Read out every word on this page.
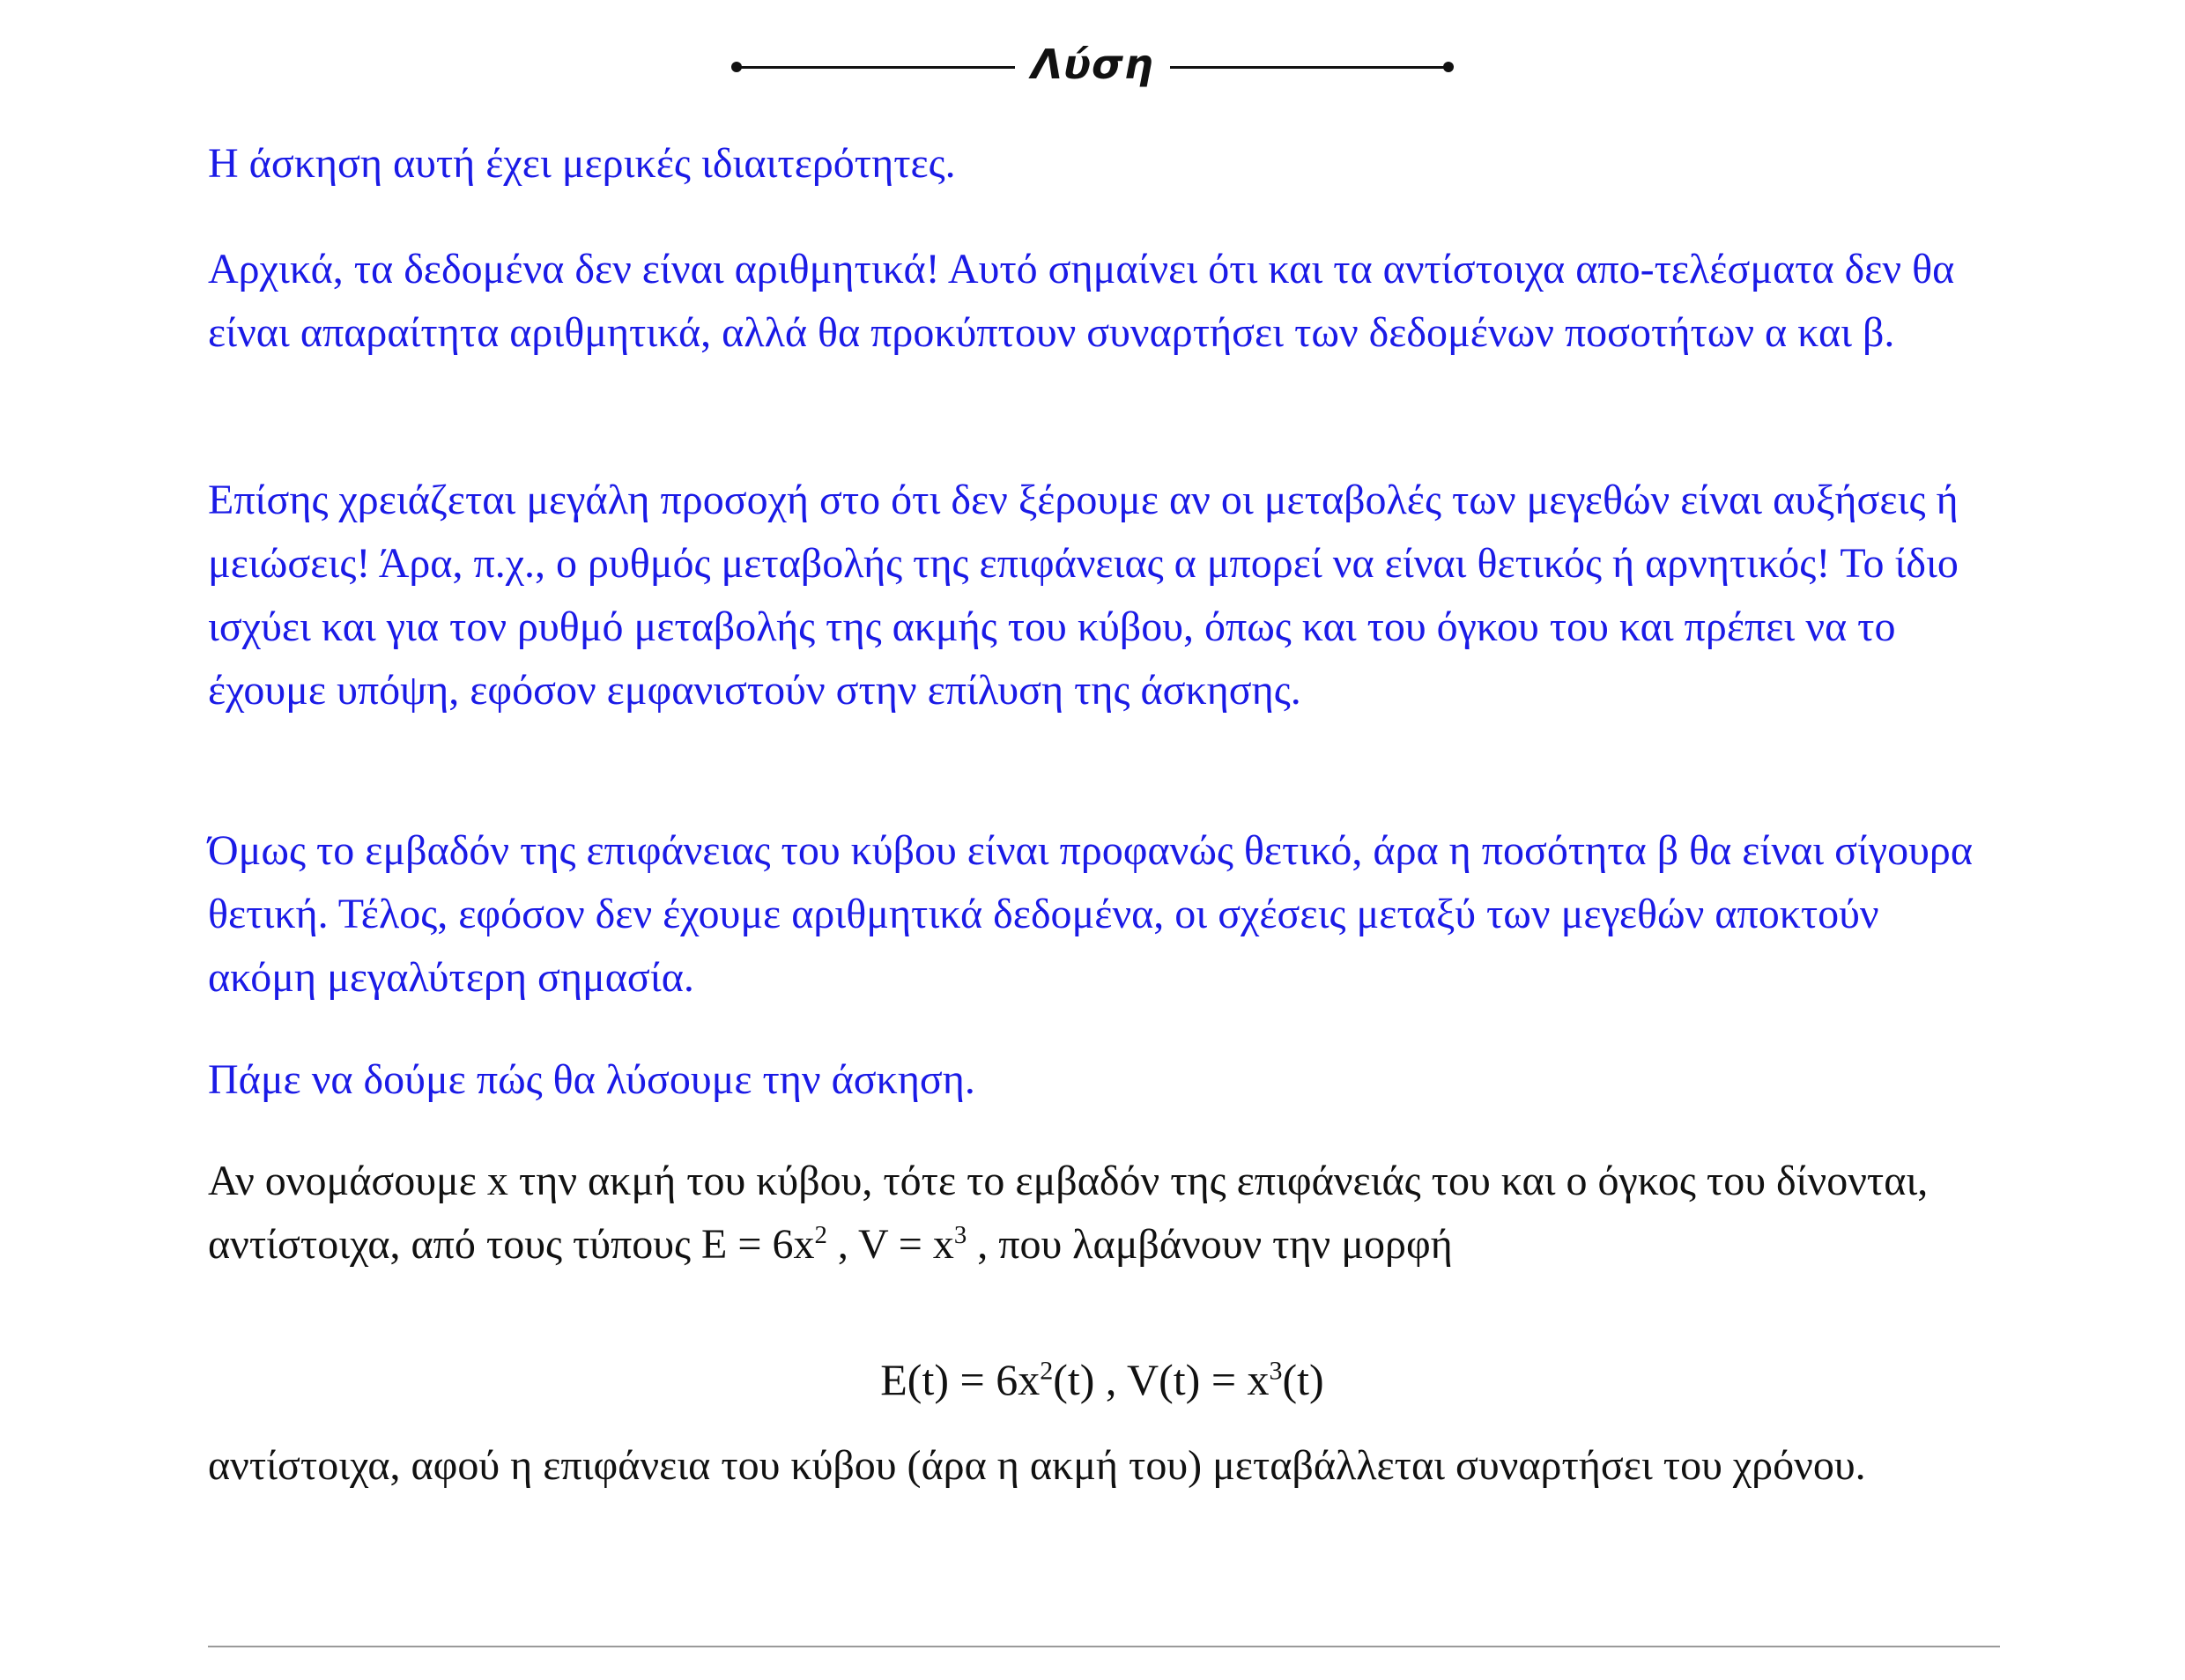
Λύση

Η άσκηση αυτή έχει μερικές ιδιαιτερότητες.

Αρχικά, τα δεδομένα δεν είναι αριθμητικά! Αυτό σημαίνει ότι και τα αντίστοιχα απο-τελέσματα δεν θα είναι απαραίτητα αριθμητικά, αλλά θα προκύπτουν συναρτήσει των δεδομένων ποσοτήτων α και β.

Επίσης χρειάζεται μεγάλη προσοχή στο ότι δεν ξέρουμε αν οι μεταβολές των μεγεθών είναι αυξήσεις ή μειώσεις! Άρα, π.χ., ο ρυθμός μεταβολής της επιφάνειας α μπορεί να είναι θετικός ή αρνητικός! Το ίδιο ισχύει και για τον ρυθμό μεταβολής της ακμής του κύβου, όπως και του όγκου του και πρέπει να το έχουμε υπόψη, εφόσον εμφανιστούν στην επίλυση της άσκησης.

Όμως το εμβαδόν της επιφάνειας του κύβου είναι προφανώς θετικό, άρα η ποσότητα β θα είναι σίγουρα θετική. Τέλος, εφόσον δεν έχουμε αριθμητικά δεδομένα, οι σχέσεις μεταξύ των μεγεθών αποκτούν ακόμη μεγαλύτερη σημασία.

Πάμε να δούμε πώς θα λύσουμε την άσκηση.

Αν ονομάσουμε x την ακμή του κύβου, τότε το εμβαδόν της επιφάνειάς του και ο όγκος του δίνονται, αντίστοιχα, από τους τύπους $E = 6x^2$ , $V = x^3$ , που λαμβάνουν την μορφή

$E(t) = 6x^2(t)$ , $V(t) = x^3(t)$

αντίστοιχα, αφού η επιφάνεια του κύβου (άρα η ακμή του) μεταβάλλεται συναρτήσει του χρόνου.
